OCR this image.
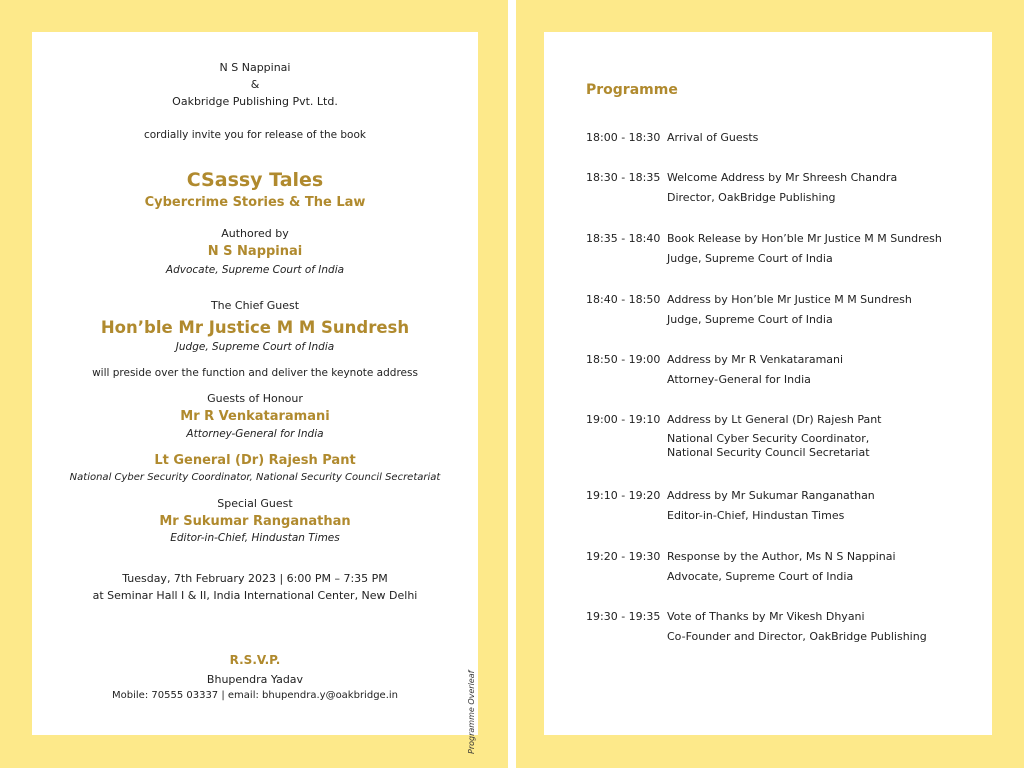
N S Nappinai
&
Oakbridge Publishing Pvt. Ltd.
cordially invite you for release of the book
CSassy Tales
Cybercrime Stories & The Law
Authored by
N S Nappinai
Advocate, Supreme Court of India
The Chief Guest
Hon’ble Mr Justice M M Sundresh
Judge, Supreme Court of India
will preside over the function and deliver the keynote address
Guests of Honour
Mr R Venkataramani
Attorney-General for India
Lt General (Dr) Rajesh Pant
National Cyber Security Coordinator, National Security Council Secretariat
Special Guest
Mr Sukumar Ranganathan
Editor-in-Chief, Hindustan Times
Tuesday, 7th February 2023 | 6:00 PM – 7:35 PM
at Seminar Hall I & II, India International Center, New Delhi
R.S.V.P.
Bhupendra Yadav
Mobile: 70555 03337 | email: bhupendra.y@oakbridge.in	Programme Overleaf
Programme
18:00 - 18:30 Arrival of Guests
18:30 - 18:35 Welcome Address by Mr Shreesh Chandra
Director, OakBridge Publishing
18:35 - 18:40 Book Release by Hon’ble Mr Justice M M Sundresh
Judge, Supreme Court of India
18:40 - 18:50 Address by Hon’ble Mr Justice M M Sundresh
Judge, Supreme Court of India
18:50 - 19:00 Address by Mr R Venkataramani
Attorney-General for India
19:00 - 19:10 Address by Lt General (Dr) Rajesh Pant
National Cyber Security Coordinator, National Security Council Secretariat
19:10 - 19:20 Address by Mr Sukumar Ranganathan
Editor-in-Chief, Hindustan Times
19:20 - 19:30 Response by the Author, Ms N S Nappinai
Advocate, Supreme Court of India
19:30 - 19:35 Vote of Thanks by Mr Vikesh Dhyani
Co-Founder and Director, OakBridge Publishing
